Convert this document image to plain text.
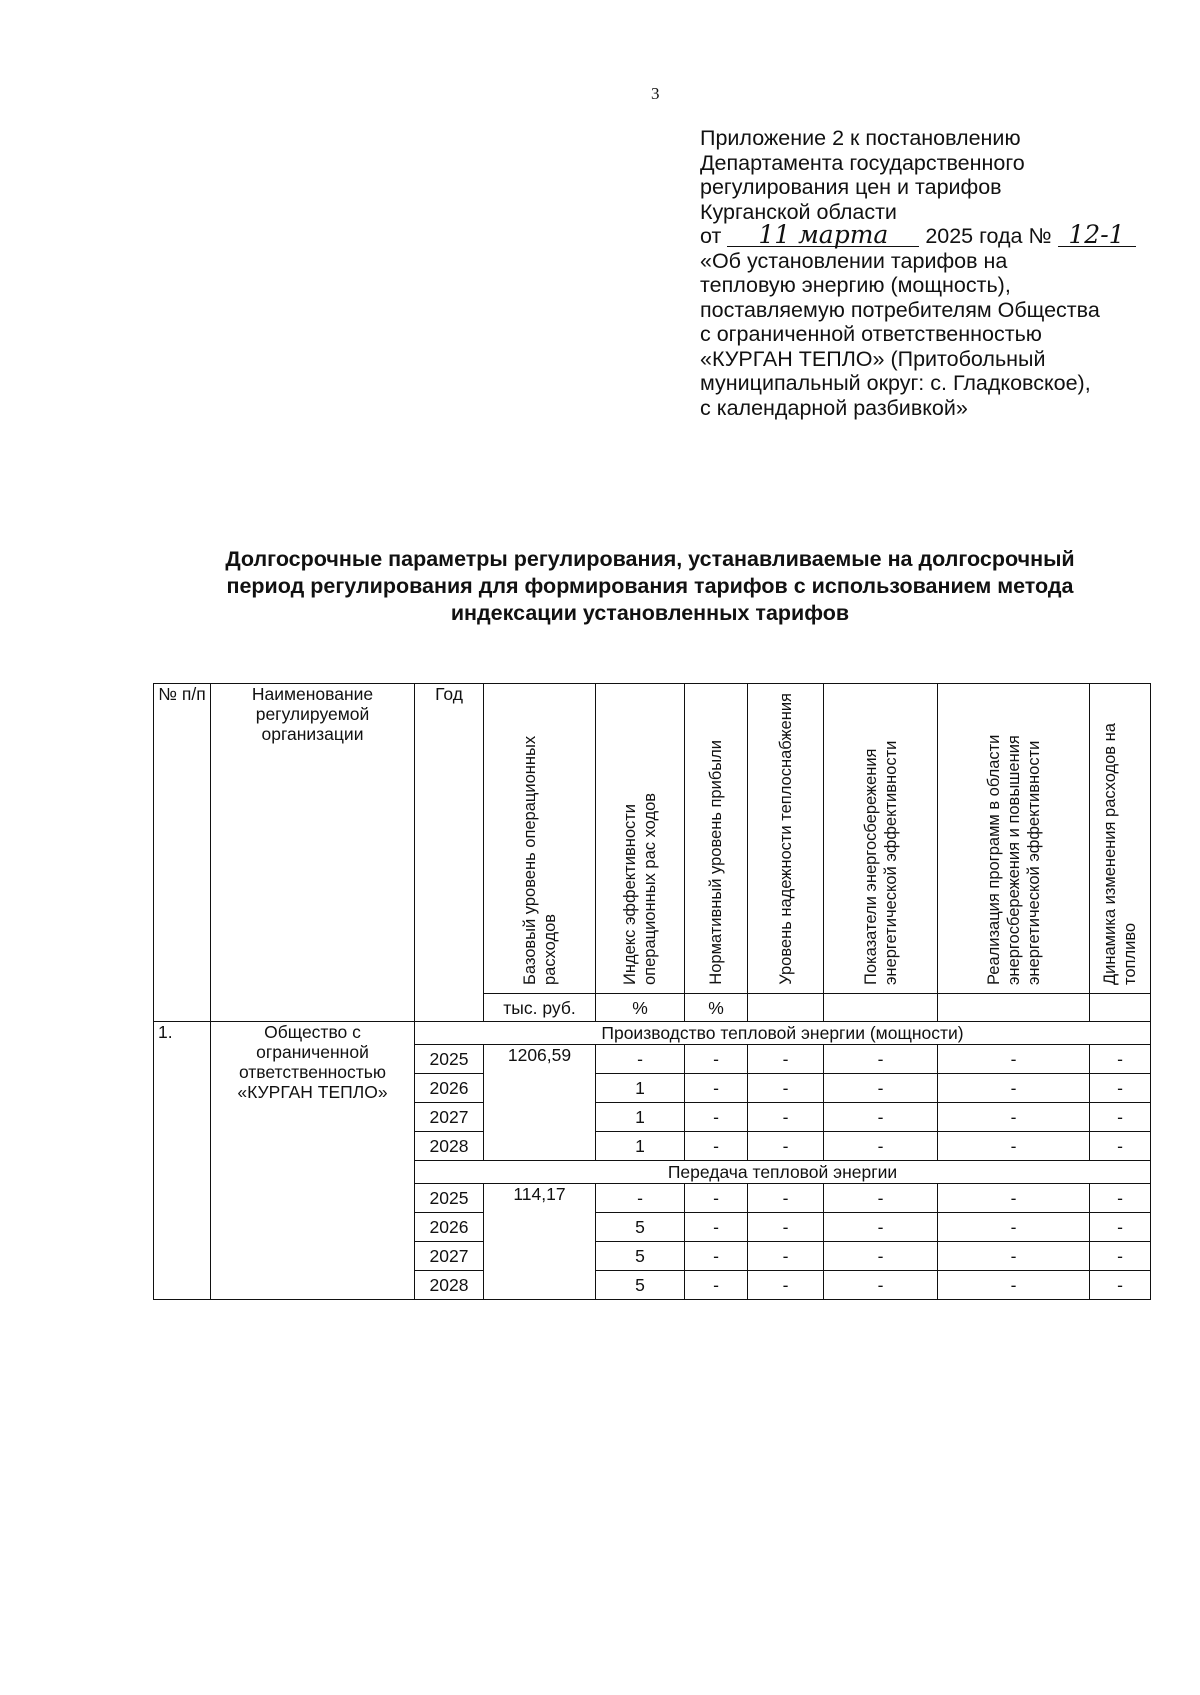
3
Приложение 2 к постановлению
Департамента государственного
регулирования цен и тарифов
Курганской области
от 11 марта 2025 года № 12-1
«Об установлении тарифов на
тепловую энергию (мощность),
поставляемую потребителям Общества
с ограниченной ответственностью
«КУРГАН ТЕПЛО» (Притобольный
муниципальный округ: с. Гладковское),
с календарной разбивкой»
Долгосрочные параметры регулирования, устанавливаемые на долгосрочный
период регулирования для формирования тарифов с использованием метода
индексации установленных тарифов
№ п/п	Наименование регулируемой организации	Год	Базовый уровень операционных расходов	Индекс эффективности операционных рас ходов	Нормативный уровень прибыли	Уровень надежности теплоснабжения	Показатели энергосбережения энергетической эффективности	Реализация программ в области энергосбережения и повышения энергетической эффективности	Динамика изменения расходов на топливо
			тыс. руб.	%	%				
1.	Общество с ограниченной ответственностью «КУРГАН ТЕПЛО»	Производство тепловой энергии (мощности)							
		2025	1206,59	-	-	-	-	-	-
		2026		1	-	-	-	-	-
		2027		1	-	-	-	-	-
		2028		1	-	-	-	-	-
		Передача тепловой энергии							
		2025	114,17	-	-	-	-	-	-
		2026		5	-	-	-	-	-
		2027		5	-	-	-	-	-
		2028		5	-	-	-	-	-
